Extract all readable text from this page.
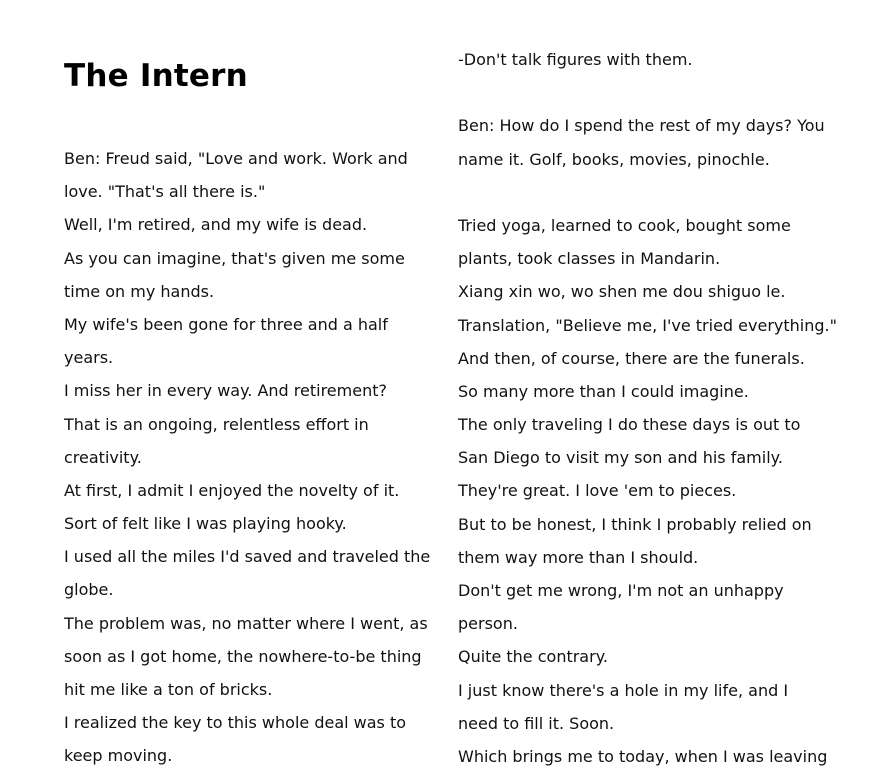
The Intern
Ben: Freud said, "Love and work. Work and
love. "That's all there is."
Well, I'm retired, and my wife is dead.
As you can imagine, that's given me some
time on my hands.
My wife's been gone for three and a half
years.
I miss her in every way. And retirement?
That is an ongoing, relentless effort in
creativity.
At first, I admit I enjoyed the novelty of it.
Sort of felt like I was playing hooky.
I used all the miles I'd saved and traveled the
globe.
The problem was, no matter where I went, as
soon as I got home, the nowhere-to-be thing
hit me like a ton of bricks.
I realized the key to this whole deal was to
keep moving.
-Don't talk figures with them.
Ben: How do I spend the rest of my days? You
name it. Golf, books, movies, pinochle.
Tried yoga, learned to cook, bought some
plants, took classes in Mandarin.
Xiang xin wo, wo shen me dou shiguo le.
Translation, "Believe me, I've tried everything."
And then, of course, there are the funerals.
So many more than I could imagine.
The only traveling I do these days is out to
San Diego to visit my son and his family.
They're great. I love 'em to pieces.
But to be honest, I think I probably relied on
them way more than I should.
Don't get me wrong, I'm not an unhappy
person.
Quite the contrary.
I just know there's a hole in my life, and I
need to fill it. Soon.
Which brings me to today, when I was leaving
